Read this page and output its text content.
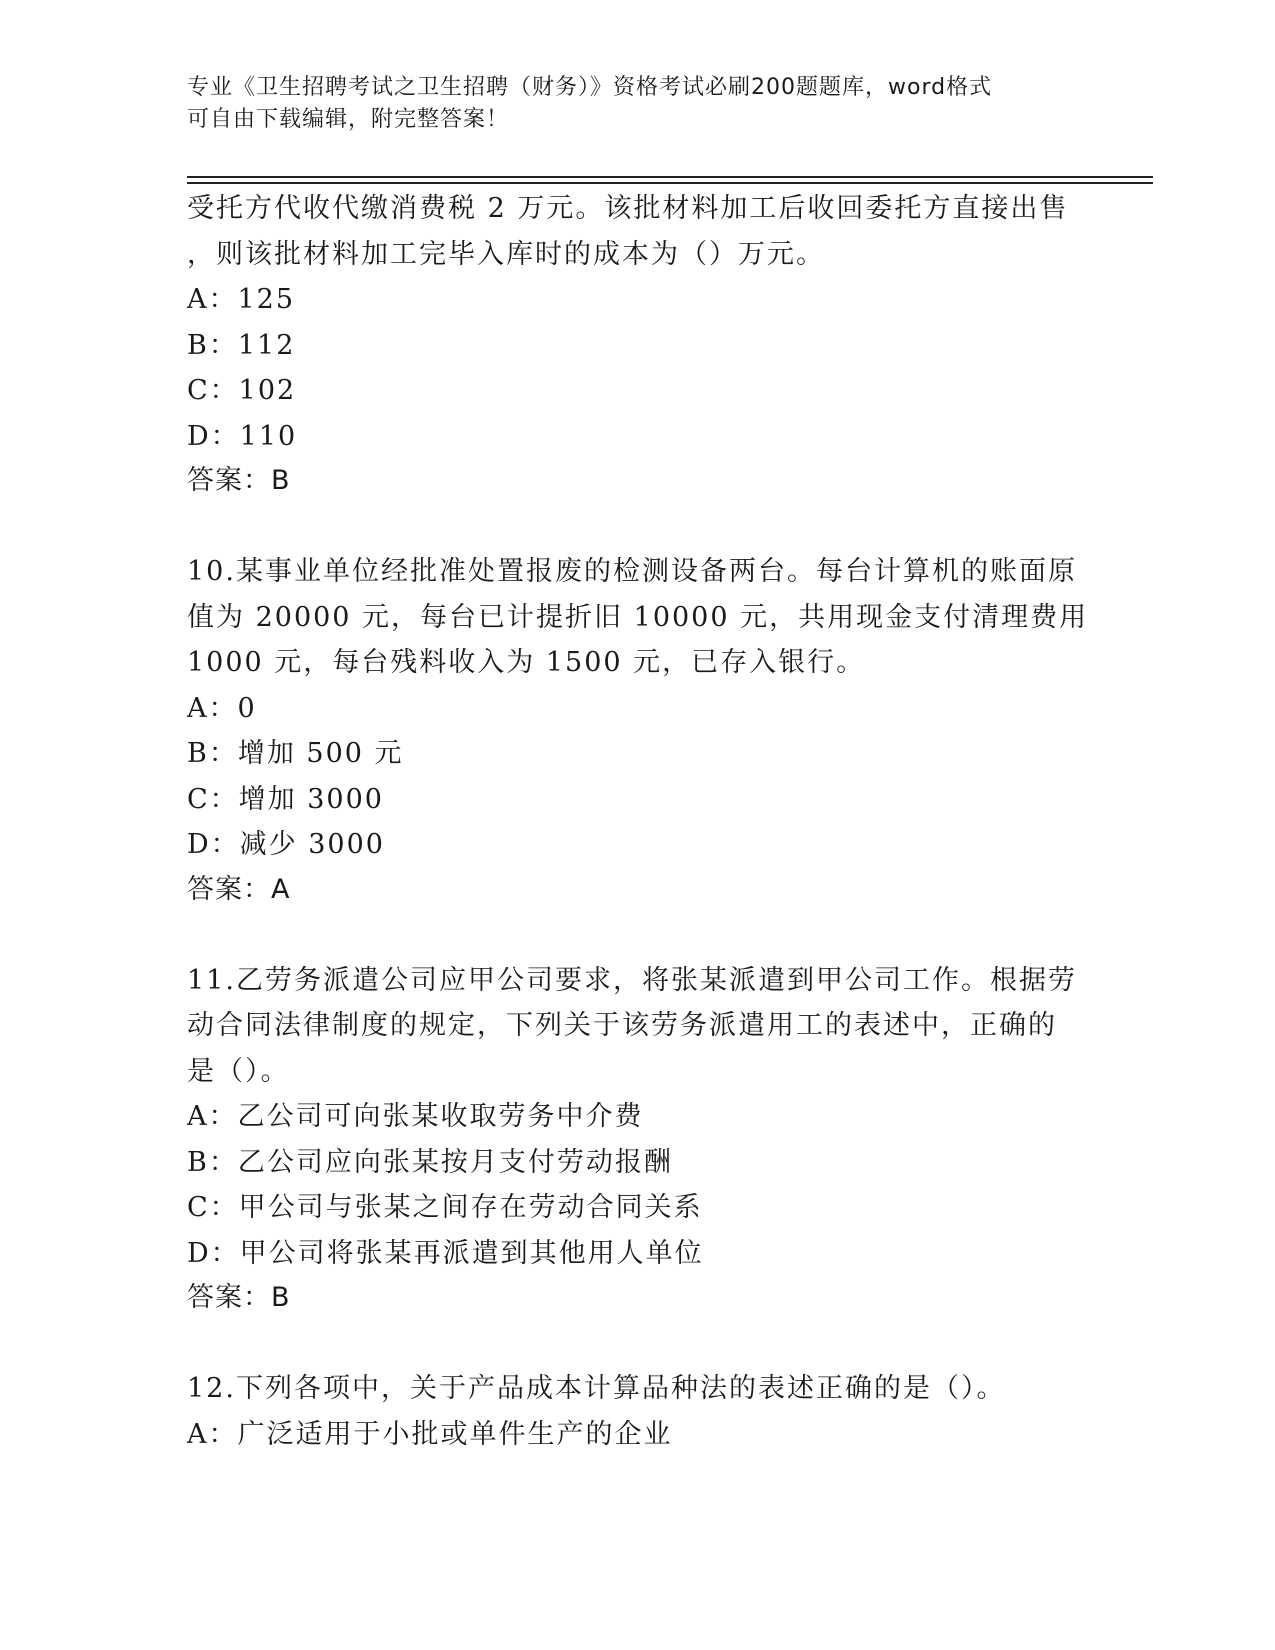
专业《卫生招聘考试之卫生招聘（财务）》资格考试必刷200题题库，word格式
可自由下载编辑，附完整答案！
受托方代收代缴消费税 2 万元。该批材料加工后收回委托方直接出售
，则该批材料加工完毕入库时的成本为（）万元。
A：125
B：112
C：102
D：110
答案：B
10.某事业单位经批准处置报废的检测设备两台。每台计算机的账面原
值为 20000 元，每台已计提折旧 10000 元，共用现金支付清理费用
1000 元，每台残料收入为 1500 元，已存入银行。
A：0
B：增加 500 元
C：增加 3000
D：减少 3000
答案：A
11.乙劳务派遣公司应甲公司要求，将张某派遣到甲公司工作。根据劳
动合同法律制度的规定，下列关于该劳务派遣用工的表述中，正确的
是（）。
A：乙公司可向张某收取劳务中介费
B：乙公司应向张某按月支付劳动报酬
C：甲公司与张某之间存在劳动合同关系
D：甲公司将张某再派遣到其他用人单位
答案：B
12.下列各项中，关于产品成本计算品种法的表述正确的是（）。
A：广泛适用于小批或单件生产的企业
